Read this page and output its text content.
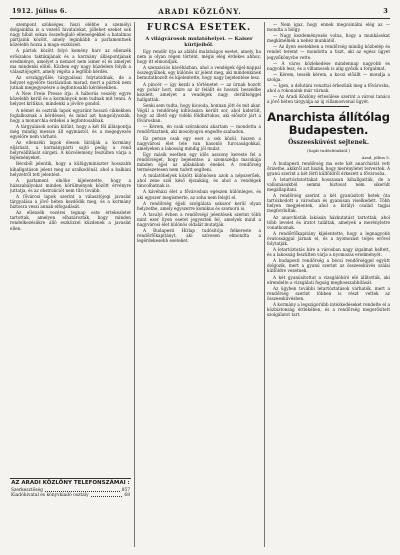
1912. július 6.	ARADI KÖZLÖNY.	3

szempont szükséges, hiszi elébbe a személyi dolgainkba is a vezető hivatalokat, jóllehet ezeket sok nagy hibát sokan összefoglaló ellenségekkel a hatalmas pártjaink között, amely leginkább a parlamentnek közelebb hozza a maga eszközeit.

A pártok között folyó kemény harc az ellenzék erőszakos taktikájának és a kormány álláspontjának eredménye, amelyet a nemzet nem ismer el és amelyet ma mindenki elítél. Közben egy nagy küzdelem folyik a választójogért, amely régóta a legfőbb kérdés.

Az országgyűlés tárgyalásai folytatódnak, de a helyzet egyelőre tisztázatlan marad, mert a pártok nem jutnak megegyezésre a legfontosabb kérdésekben.

A New Freie Presse írja: A háborús veszély egyre közelebb kerül és a kormányok nem tudnak mit tenni. A helyzet kritikus, mindenki a jövőre gondol.

A német és osztrák lapok egyaránt hosszú cikkekben foglalkoznak a kérdéssel, és mind azt hangsúlyozzák, hogy a monarchia érdekei a legfontosabbak.

A tárgyalások során kitűnt, hogy a két fél álláspontja még mindig messze áll egymástól, és a megegyezés egyelőre nem várható.

Az ellenzéki lapok élesen bírálják a kormány eljárását, a kormánypárti sajtó pedig a rend helyreállítását sürgeti. A közvélemény feszülten várja a fejleményeket.

Bécsből jelentik, hogy a külügyminiszter hosszabb kihallgatáson jelent meg az uralkodónál, ahol a balkáni helyzetről tett jelentést.

A parlament elnöke kijelentette, hogy a házszabályokat minden körülmények között érvényre juttatja, és az obstrukciót nem tűri tovább.

A fővárosi lapok szerint a választójogi javaslat tárgyalása a jövő héten kezdődik meg, és a kormány biztosra veszi annak elfogadását.

Az ellenzék vezérei tegnap este értekezletet tartottak, amelyen elhatározták, hogy minden rendelkezésükre álló eszközzel küzdenek a javaslat ellen.

AZ ARADI KÖZLÖNY TELEFONSZÁMAI :
Szerkesztőség	857
Kiadóhivatal és könyvkiadó osztály	68
FURCSA ESETEK.
A világvárosok mulatóhelyei. — Kaiser kürtjeiből.

Egy rendőr írja az alábbi mulatságos esetet, amely, ha nem is olyan régen történt, mégis elég érdekes ahhoz, hogy itt elmondjuk.

A szenzációs kávéházban, ahol a vendégek éjjel-nappal összegyűlnek, egy különös úr jelent meg, aki mindenkinek bemutatkozott és kijelentette, hogy nagy bejelentése lesz.

A pincér — így kezdi a történetet — az úrnak hozott egy pohár bort, mire az úr felállt és hosszú beszédbe kezdett, amelyet a vendégek nagy derültséggel hallgattak.

Senki sem tudta, hogy kicsoda, honnan jött és mit akar. Végül a rendőrség kihívására került sor, ahol kiderült, hogy az illető egy vidéki földbirtokos, aki először járt a fővárosban.

— Kérem, én csak szórakozni akartam — mondotta a rendőrtisztnek, aki mosolyogva engedte szabadon.

Ez persze csak egy eset a sok közül, hiszen a nagyvárosi élet tele van hasonló furcsaságokkal, amelyeken a lakosság mindig jól mulat.

Egy másik esetben egy idős asszony kereste fel a rendőrséget, hogy bejelentse: a szomszédja macskája minden éjjel az ablakában énekel. A rendőrség természetesen nem tudott segíteni.

A mulatóhelyek között különösen azok a népszerűek, ahol zene szól késő éjszakáig, és ahol a vendégek táncolhatnak is.

A kávéházi élet a fővárosban egészen különleges, és aki egyszer megismerte, az soha nem felejti el.

A rendőrség éjjeli szolgálata sokszor kerül olyan helyzetbe, amely egyszerre komikus és szomorú is.

A tavalyi évben a rendőrségi jelentések szerint több mint ezer ilyen esetet jegyeztek fel, amelyek mind a nagyvárosi élet különös oldalát mutatják.

A Budapesti Hírlap tudósítója felkereste a rendőrfőkapitányt, aki szívesen elmondta a legérdekesebb eseteket.

— Nem igaz, hogy ennek megcsinálni elég az — mondta a hölgy.

— Nagy kezdeményezés volna, hogy a munkásokat megkímélnék a nehéz munkától.

— Az ilyen esetekben a rendőrség mindig közbelép és rendet teremt — mondotta a tiszt, aki az egész ügyet jegyzőkönyvbe vette.

— A város közlekedése mindennap nagyobb és nagyobb lesz, és a villamosok is alig győzik a forgalmat.

— Kérem, tessék kérem, a kocsi előállt — mondja a szolga.

— Igen, a délutáni vonattal érkezünk meg a fővárosba, ahol a rokonaink már várnak.

— Az Aradi Közlöny értesülése szerint a városi tanács a jövő héten tárgyalja az új villamosvonal ügyét.

Anarchista állítólag Budapesten.
Összeesküvést sejtenek.
(Saját tudósítónktól.)
Arad, július 5.

A budapesti rendőrség ma este két anarchistát vett őrizetbe, akikről azt hiszik, hogy merényletet terveztek. A gyanú szerint a két férfi külföldről érkezett a fővárosba.

A letartóztatottakat hosszasan kihallgatták, de a vallomásukból semmi biztosat nem sikerült megállapítani.

A rendőrség szerint a két gyanúsított hetek óta tartózkodott a városban és gyanúsan viselkedett. Több helyen megjelentek, ahol a királyi család tagjai megfordultak.

Az anarchisták lakásán házkutatást tartottak, ahol több levelet és iratot találtak, amelyek a merényletre vonatkoznak.

A rendőrfőkapitány kijelentette, hogy a legnagyobb óvatossággal járnak el, és a nyomozást teljes erővel folytatják.

A letartóztatás híre a városban nagy izgalmat keltett, és a lakosság feszülten várja a nyomozás eredményét.

A budapesti rendőrség a bécsi rendőrséggel együtt dolgozik, mert a gyanú szerint az összeesküvés szálai külföldre vezetnek.

A két gyanúsítottat a vizsgálóbíró elé állították, aki elrendelte a vizsgálati fogság meghosszabbítását.

Az ügyben további letartóztatások várhatók, mert a rendőrség szerint többen is részt vettek az összeesküvésben.

A kormány a legszigorúbb intézkedéseket rendelte el a közbiztonság érdekében, és a rendőrség megerősített szolgálatot tart.
